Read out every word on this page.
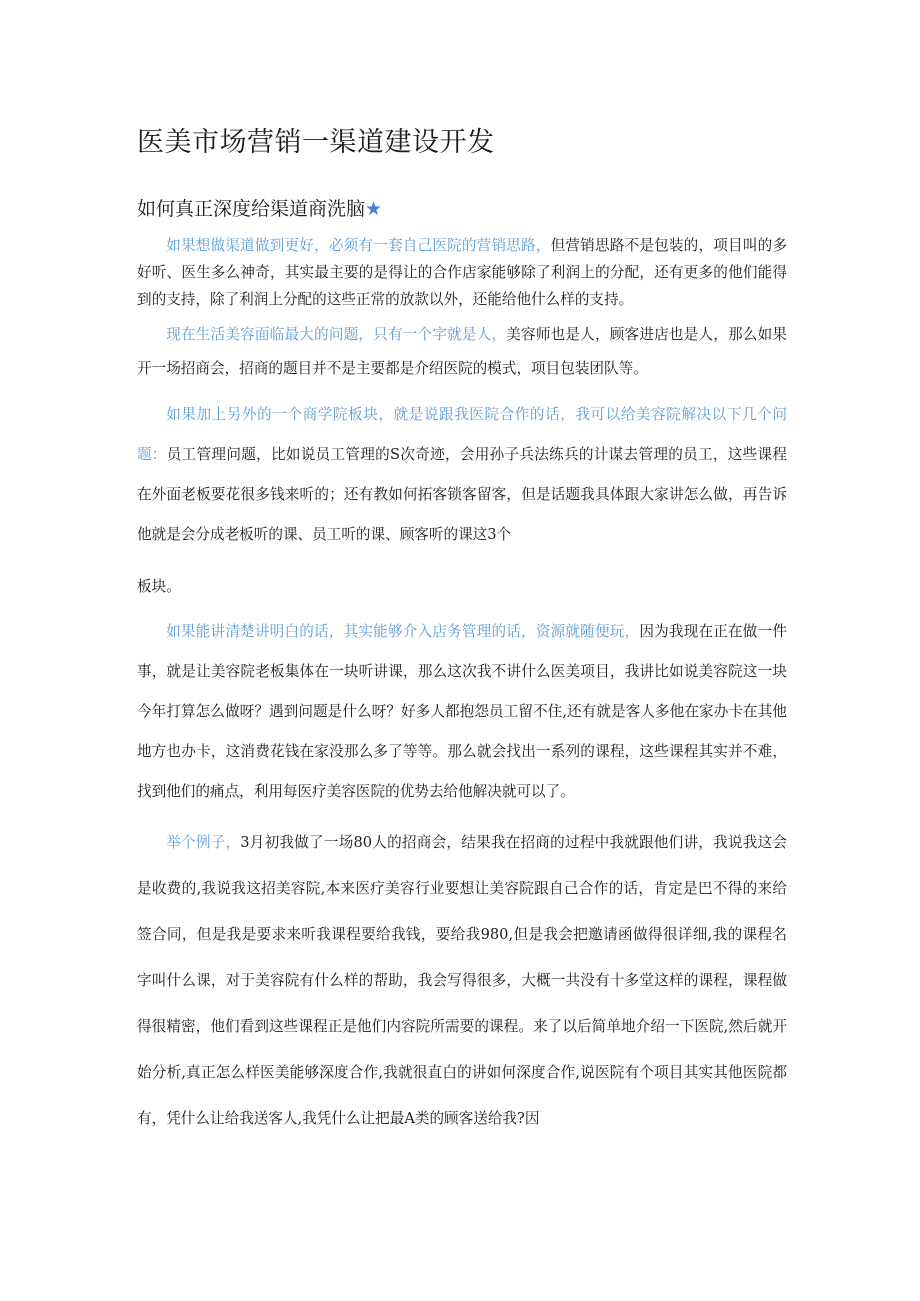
医美市场营销一渠道建设开发
如何真正深度给渠道商洗脑★

如果想做渠道做到更好，必须有一套自己医院的营销思路，但营销思路不是包装的，项目叫的多好听、医生多么神奇，其实最主要的是得让的合作店家能够除了利润上的分配，还有更多的他们能得到的支持，除了利润上分配的这些正常的放款以外，还能给他什么样的支持。

现在生活美容面临最大的问题，只有一个字就是人，美容师也是人，顾客进店也是人，那么如果开一场招商会，招商的题目并不是主要都是介绍医院的模式，项目包装团队等。

如果加上另外的一个商学院板块，就是说跟我医院合作的话，我可以给美容院解决以下几个问题：员工管理问题，比如说员工管理的S次奇迹，会用孙子兵法练兵的计谋去管理的员工，这些课程在外面老板要花很多钱来听的；还有教如何拓客锁客留客，但是话题我具体跟大家讲怎么做，再告诉他就是会分成老板听的课、员工听的课、顾客听的课这3个

板块。

如果能讲清楚讲明白的话，其实能够介入店务管理的话，资源就随便玩，因为我现在正在做一件事，就是让美容院老板集体在一块听讲课，那么这次我不讲什么医美项目，我讲比如说美容院这一块今年打算怎么做呀？遇到问题是什么呀？好多人都抱怨员工留不住,还有就是客人多他在家办卡在其他地方也办卡，这消费花钱在家没那么多了等等。那么就会找出一系列的课程，这些课程其实并不难，找到他们的痛点，利用每医疗美容医院的优势去给他解决就可以了。

举个例子，3月初我做了一场80人的招商会，结果我在招商的过程中我就跟他们讲，我说我这会是收费的,我说我这招美容院,本来医疗美容行业要想让美容院跟自己合作的话，肯定是巴不得的来给签合同，但是我是要求来听我课程要给我钱，要给我980,但是我会把邀请函做得很详细,我的课程名字叫什么课，对于美容院有什么样的帮助，我会写得很多，大概一共没有十多堂这样的课程，课程做得很精密，他们看到这些课程正是他们内容院所需要的课程。来了以后简单地介绍一下医院,然后就开始分析,真正怎么样医美能够深度合作,我就很直白的讲如何深度合作,说医院有个项目其实其他医院都有，凭什么让给我送客人,我凭什么让把最A类的顾客送给我?因
